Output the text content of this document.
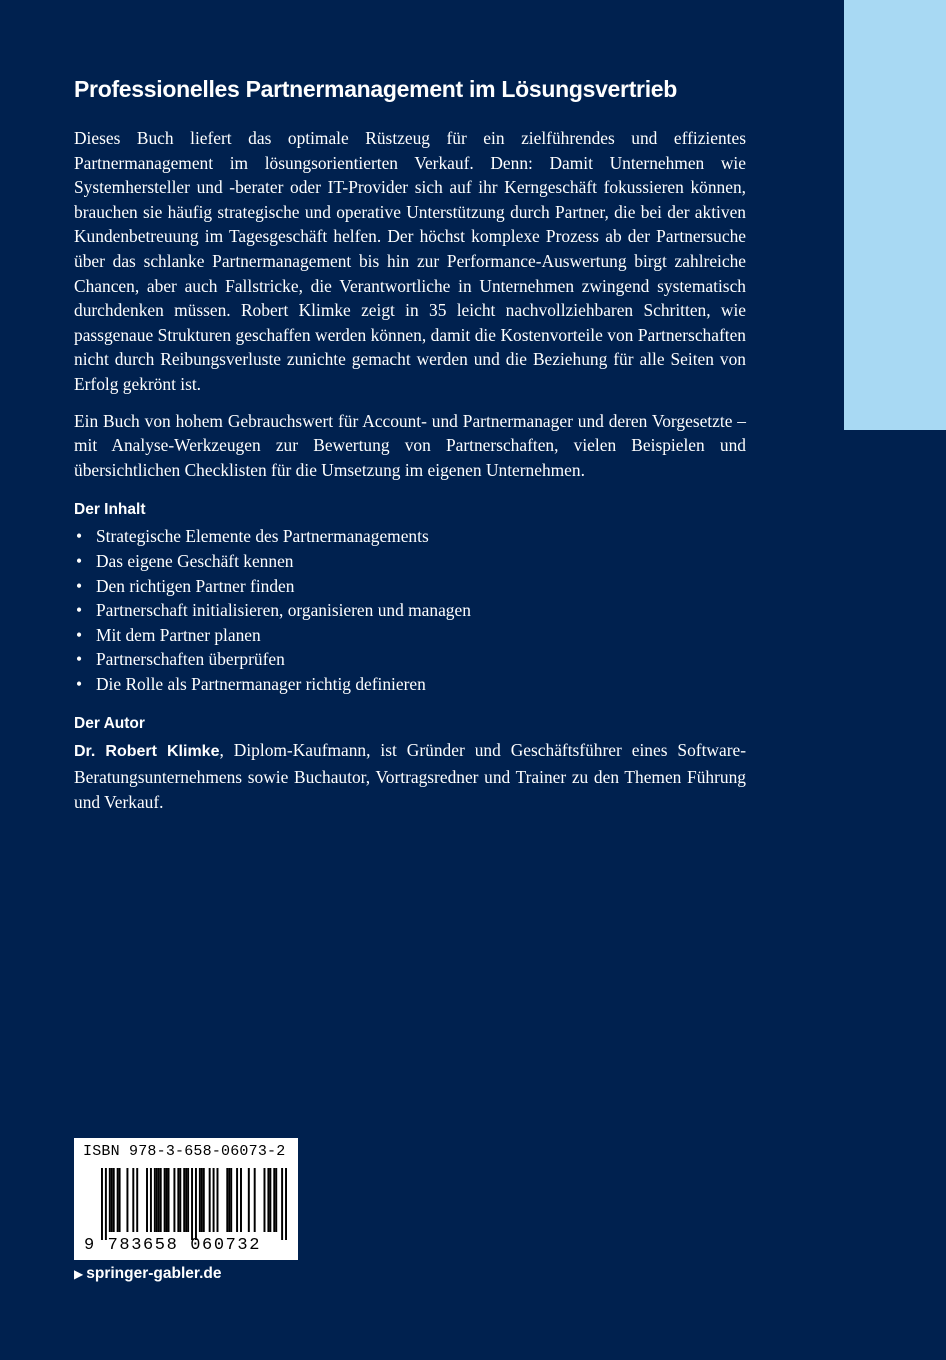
Professionelles Partnermanagement im Lösungsvertrieb

Dieses Buch liefert das optimale Rüstzeug für ein zielführendes und effizientes Partnermanagement im lösungsorientierten Verkauf. Denn: Damit Unternehmen wie Systemhersteller und -berater oder IT-Provider sich auf ihr Kerngeschäft fokussieren können, brauchen sie häufig strategische und operative Unterstützung durch Partner, die bei der aktiven Kundenbetreuung im Tagesgeschäft helfen. Der höchst komplexe Prozess ab der Partnersuche über das schlanke Partnermanagement bis hin zur Performance-Auswertung birgt zahlreiche Chancen, aber auch Fallstricke, die Verantwortliche in Unternehmen zwingend systematisch durchdenken müssen. Robert Klimke zeigt in 35 leicht nachvollziehbaren Schritten, wie passgenaue Strukturen geschaffen werden können, damit die Kostenvorteile von Partnerschaften nicht durch Reibungsverluste zunichte gemacht werden und die Beziehung für alle Seiten von Erfolg gekrönt ist.

Ein Buch von hohem Gebrauchswert für Account- und Partnermanager und deren Vorgesetzte – mit Analyse-Werkzeugen zur Bewertung von Partnerschaften, vielen Beispielen und übersichtlichen Checklisten für die Umsetzung im eigenen Unternehmen.

Der Inhalt
• Strategische Elemente des Partnermanagements
• Das eigene Geschäft kennen
• Den richtigen Partner finden
• Partnerschaft initialisieren, organisieren und managen
• Mit dem Partner planen
• Partnerschaften überprüfen
• Die Rolle als Partnermanager richtig definieren
Der Autor

Dr. Robert Klimke, Diplom-Kaufmann, ist Gründer und Geschäftsführer eines Software-Beratungsunternehmens sowie Buchautor, Vortragsredner und Trainer zu den Themen Führung und Verkauf.

ISBN 978-3-658-06073-2
9 783658 060732
▶ springer-gabler.de
